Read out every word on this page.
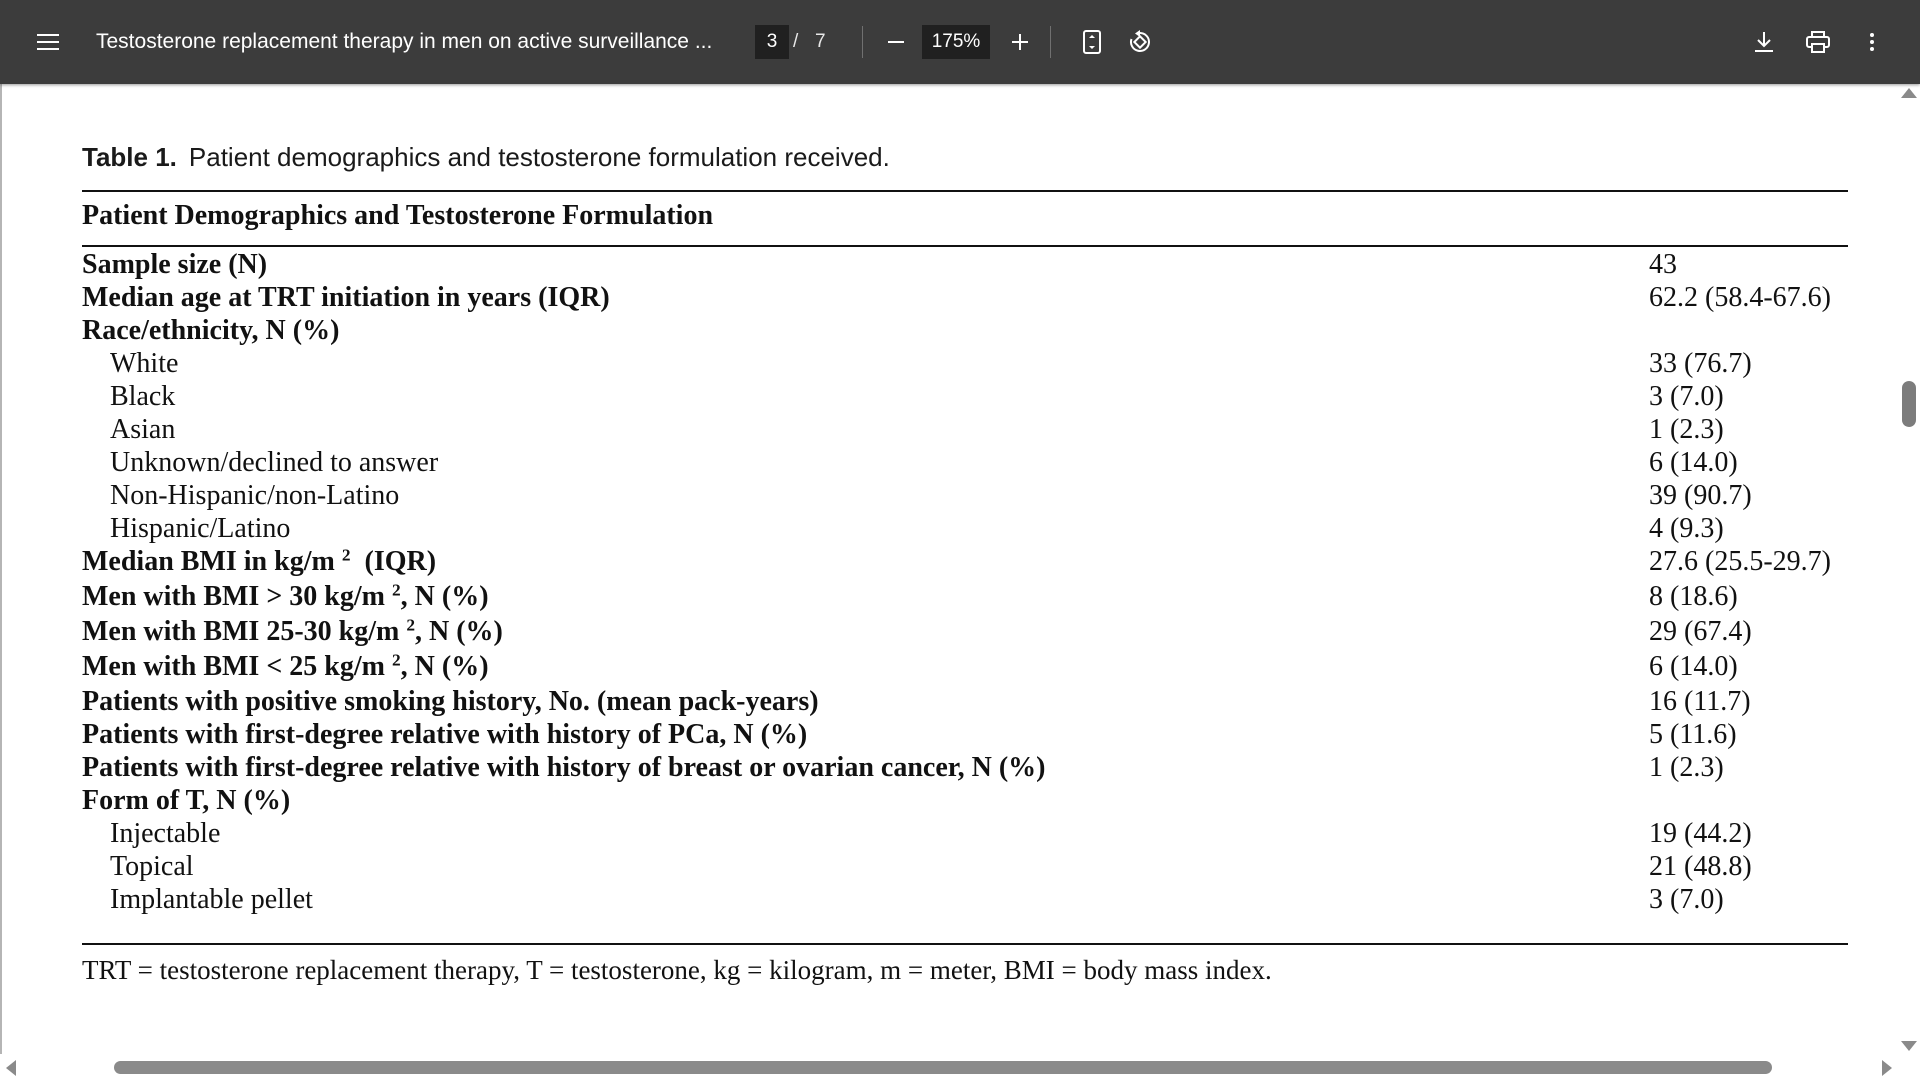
Testosterone replacement therapy in men on active surveillance ...
3	/ 7
175%
Table 1. Patient demographics and testosterone formulation received.
Patient Demographics and Testosterone Formulation
Sample size (N)	43
Median age at TRT initiation in years (IQR)	62.2 (58.4-67.6)
Race/ethnicity, N (%)
White	33 (76.7)
Black	3 (7.0)
Asian	1 (2.3)
Unknown/declined to answer	6 (14.0)
Non-Hispanic/non-Latino	39 (90.7)
Hispanic/Latino	4 (9.3)
Median BMI in kg/m $^2$  (IQR)	27.6 (25.5-29.7)
Men with BMI > 30 kg/m $^2$, N (%)	8 (18.6)
Men with BMI 25-30 kg/m $^2$, N (%)	29 (67.4)
Men with BMI < 25 kg/m $^2$, N (%)	6 (14.0)
Patients with positive smoking history, No. (mean pack-years)	16 (11.7)
Patients with first-degree relative with history of PCa, N (%)	5 (11.6)
Patients with first-degree relative with history of breast or ovarian cancer, N (%)	1 (2.3)
Form of T, N (%)
Injectable	19 (44.2)
Topical	21 (48.8)
Implantable pellet	3 (7.0)
TRT = testosterone replacement therapy, T = testosterone, kg = kilogram, m = meter, BMI = body mass index.
